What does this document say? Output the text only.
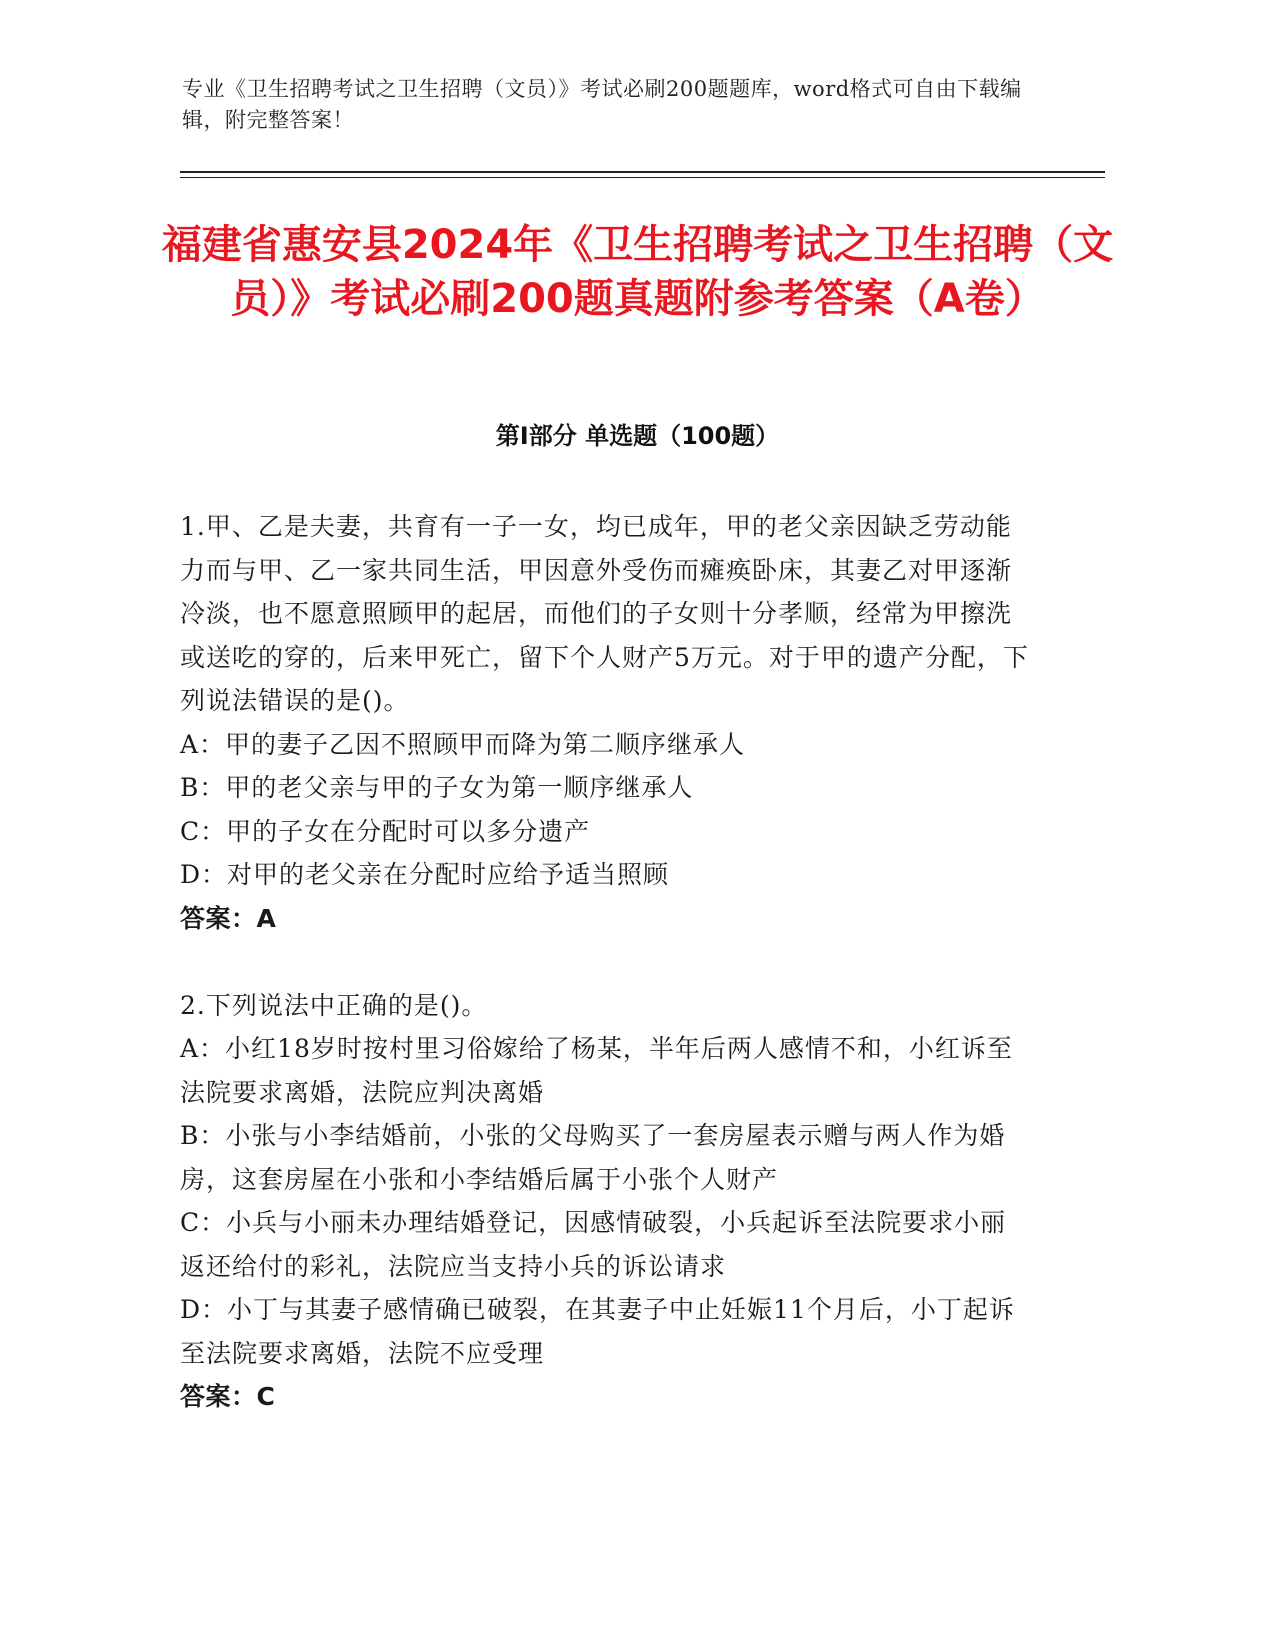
专业《卫生招聘考试之卫生招聘（文员）》考试必刷200题题库，word格式可自由下载编辑，附完整答案！
福建省惠安县2024年《卫生招聘考试之卫生招聘（文员）》考试必刷200题真题附参考答案（A卷）
第Ⅰ部分 单选题（100题）
1.甲、乙是夫妻，共育有一子一女，均已成年，甲的老父亲因缺乏劳动能力而与甲、乙一家共同生活，甲因意外受伤而瘫痪卧床，其妻乙对甲逐渐冷淡，也不愿意照顾甲的起居，而他们的子女则十分孝顺，经常为甲擦洗或送吃的穿的，后来甲死亡，留下个人财产5万元。对于甲的遗产分配，下列说法错误的是()。
A：甲的妻子乙因不照顾甲而降为第二顺序继承人
B：甲的老父亲与甲的子女为第一顺序继承人
C：甲的子女在分配时可以多分遗产
D：对甲的老父亲在分配时应给予适当照顾
答案：A
2.下列说法中正确的是()。
A：小红18岁时按村里习俗嫁给了杨某，半年后两人感情不和，小红诉至法院要求离婚，法院应判决离婚
B：小张与小李结婚前，小张的父母购买了一套房屋表示赠与两人作为婚房，这套房屋在小张和小李结婚后属于小张个人财产
C：小兵与小丽未办理结婚登记，因感情破裂，小兵起诉至法院要求小丽返还给付的彩礼，法院应当支持小兵的诉讼请求
D：小丁与其妻子感情确已破裂，在其妻子中止妊娠11个月后，小丁起诉至法院要求离婚，法院不应受理
答案：C
